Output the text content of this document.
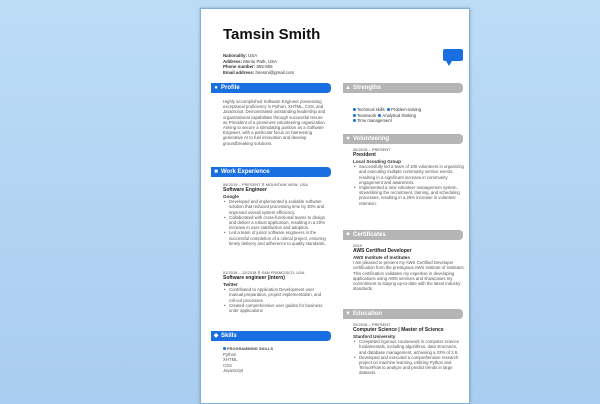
Tamsin Smith
Nationality: USA
Address: Menlo Park, USA
Phone number: 555-555
Email address: hiresmi@gmail.com
● Profile
Highly accomplished Software Engineer possessing exceptional proficiency in Python, XHTML, CSS, and JavaScript. Demonstrated outstanding leadership and organizational capabilities through successful tenure as President of a prominent volunteering organization. Aiming to secure a stimulating position as a Software Engineer, with a particular focus on harnessing generative AI to fuel innovation and develop groundbreaking solutions.
■ Work Experience
06/2019 – PRESENT ⚲ MOUNTAIN VIEW, USA
Software Engineer
Google
• Developed and implemented a scalable software solution that reduced processing time by 30% and improved overall system efficiency.
• Collaborated with cross-functional teams to design and deliver a robust application, resulting in a 20% increase in user satisfaction and adoption.
• Led a team of junior software engineers in the successful completion of a critical project, ensuring timely delivery and adherence to quality standards.
01/2018 – 12/2018 ⚲ SAN FRANCISCO, USA
Software engineer (intern)
Twitter
• Contributed to Application Development user manual preparation, project implementation, and roll-out processes
• Created comprehensive user guides for business units' applications
◆ Skills
PROGRAMMING SKILLS
Python
XHTML
CSS
JavaScript
▲ Strengths
Technical skills Problem-solving
Teamwork Analytical thinking
Time management
♥ Volunteering
06/2018 – PRESENT
President
Local Scouting Group
• Successfully led a team of 100 volunteers in organizing and executing multiple community service events, resulting in a significant increase in community engagement and awareness.
• Implemented a new volunteer management system, streamlining the recruitment, training, and scheduling processes, resulting in a 25% increase in volunteer retention.
✦ Certificates
2019
AWS Certified Developer
AWS Institute of Institutes
I am pleased to present my AWS Certified Developer certification from the prestigious AWS Institute of Institutes. This certification validates my expertise in developing applications using AWS services and showcases my commitment to staying up-to-date with the latest industry standards.
▼ Education
09/2016 – PRESENT
Computer Science | Master of Science
Stanford University
• Completed rigorous coursework in computer science fundamentals, including algorithms, data structures, and database management, achieving a GPA of 3.8.
• Developed and executed a comprehensive research project on machine learning, utilizing Python and TensorFlow to analyze and predict trends in large datasets.
